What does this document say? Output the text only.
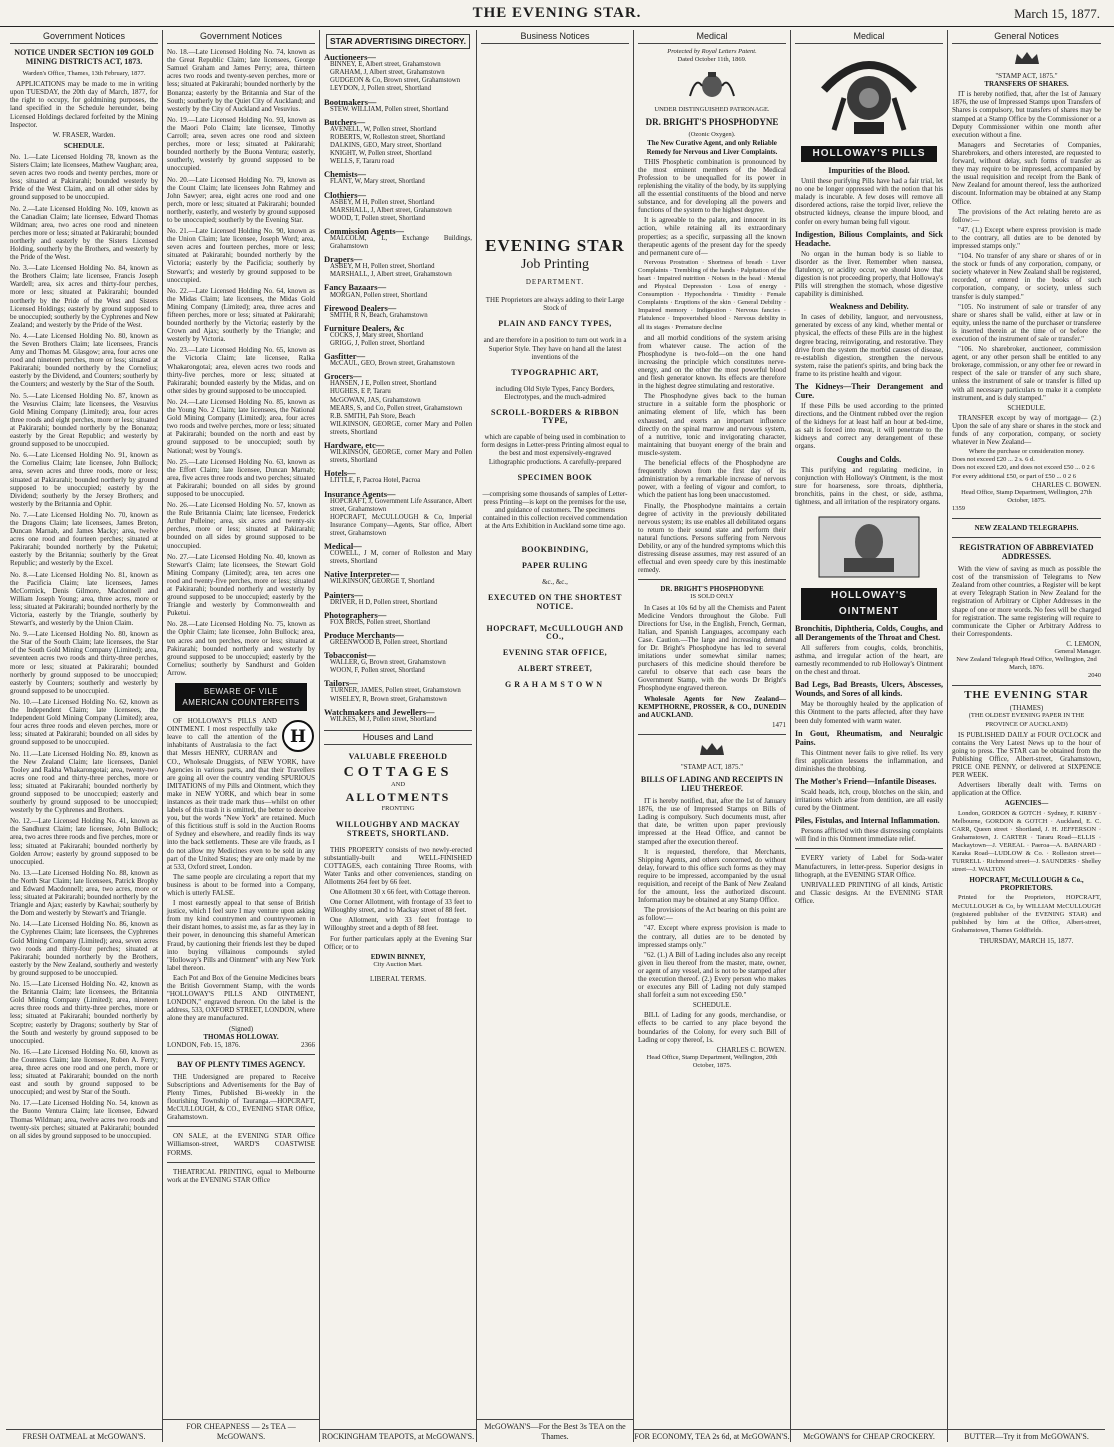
THE EVENING STAR.	March 15, 1877.
Government Notices
NOTICE UNDER SECTION 109 GOLD MINING DISTRICTS ACT, 1873.
Warden's Office, Thames, 13th February, 1877.
APPLICATIONS may be made to me in writing upon TUESDAY, the 20th day of March, 1877, for the right to occupy, for goldmining purposes, the land specified in the Schedule hereunder, being Licensed Holdings declared forfeited by the Mining Inspector.
W. FRASER, Warden.
SCHEDULE.
No. 1.—Late Licensed Holding 78, known as the Sisters Claim; late licensees, Mathew Vaughan; area, seven acres two roods and twenty perches, more or less; situated at Pakirarahi; bounded westerly by Pride of the West Claim, and on all other sides by ground supposed to be unoccupied.
No. 2.—Late Licensed Holding No. 109, known as the Canadian Claim; late licensee, Edward Thomas Wildman; area, two acres one rood and nineteen perches more or less; situated at Pakirarahi; bounded northerly and easterly by the Sisters Licensed Holding, southerly by the Brothers, and westerly by the Pride of the West.
No. 3.—Late Licensed Holding No. 84, known as the Brothers Claim; late licensee, Francis Joseph Wardell; area, six acres and thirty-four perches, more or less; situated at Pakirarahi; bounded northerly by the Pride of the West and Sisters Licensed Holdings; easterly by ground supposed to be unoccupied; southerly by the Cyphrenes and New Zealand; and westerly by the Pride of the West.
No. 4.—Late Licensed Holding No. 80, known as the Seven Brothers Claim; late licensees, Francis Amy and Thomas M. Glasgow; area, four acres one rood and nineteen perches, more or less; situated at Pakirarahi; bounded northerly by the Cornelius; easterly by the Dividend, and Counters; southerly by the Counters; and westerly by the Star of the South.
No. 5.—Late Licensed Holding No. 87, known as the Vesuvius Claim; late licensees, the Vesuvius Gold Mining Company (Limited); area, four acres three roods and eight perches, more or less; situated at Pakirarahi; bounded northerly by the Bonanza; easterly by the Great Republic; and westerly by ground supposed to be unoccupied.
No. 6.—Late Licensed Holding No. 91, known as the Cornelius Claim; late licensee, John Bullock; area, seven acres and three roods, more or less; situated at Pakirarahi; bounded northerly by ground supposed to be unoccupied; easterly by the Dividend; southerly by the Jersey Brothers; and westerly by the Britannia and Ophir.
No. 7.—Late Licensed Holding No. 70, known as the Dragons Claim; late licensees, James Breton, Duncan Marnab, and James Macky; area, twelve acres one rood and fourteen perches; situated at Pakirarahi; bounded northerly by the Puketui; easterly by the Britannia; southerly by the Great Republic; and westerly by the Excel.
No. 8.—Late Licensed Holding No. 81, known as the Pacificia Claim; late licensees, James McCormick, Denis Gilmore, Macdonnell and William Joseph Young; area, three acres, more or less; situated at Pakirarahi; bounded northerly by the Victoria, easterly by the Triangle, southerly by Stewart's, and westerly by the Union Claim.
No. 9.—Late Licensed Holding No. 80, known as the Star of the South Claim; late licensees, the Star of the South Gold Mining Company (Limited); area, seventeen acres two roods and thirty-three perches, more or less; situated at Pakirarahi; bounded northerly by ground supposed to be unoccupied; easterly by Counters; southerly and westerly by ground supposed to be unoccupied.
No. 10.—Late Licensed Holding No. 62, known as the Independent Claim; late licensees, the Independent Gold Mining Company (Limited); area, four acres three roods and eleven perches, more or less; situated at Pakirarahi; bounded on all sides by ground supposed to be unoccupied.
No. 11.—Late Licensed Holding No. 89, known as the New Zealand Claim; late licensees, Daniel Tooley and Rakha Whakarongotai; area, twenty-two acres one rood and thirty-three perches, more or less; situated at Pakirarahi; bounded northerly by ground supposed to be unoccupied; easterly and southerly by ground supposed to be unoccupied; westerly by the Cyphrenes and Brothers.
No. 12.—Late Licensed Holding No. 41, known as the Sandhurst Claim; late licensee, John Bullock; area, two acres three roods and five perches, more or less; situated at Pakirarahi; bounded northerly by Golden Arrow; easterly by ground supposed to be unoccupied.
No. 13.—Late Licensed Holding No. 88, known as the North Star Claim; late licensees, Patrick Brophy and Edward Macdonnell; area, two acres, more or less; situated at Pakirarahi; bounded northerly by the Triangle and Ajax; easterly by Kawhai; southerly by the Dom and westerly by Stewart's and Triangle.
No. 14.—Late Licensed Holding No. 86, known as the Cyphrenes Claim; late licensees, the Cyphrenes Gold Mining Company (Limited); area, seven acres two roods and thirty-four perches; situated at Pakirarahi; bounded northerly by the Brothers, easterly by the New Zealand, southerly and westerly by ground supposed to be unoccupied.
No. 15.—Late Licensed Holding No. 42, known as the Britannia Claim; late licensees, the Britannia Gold Mining Company (Limited); area, nineteen acres three roods and thirty-three perches, more or less; situated at Pakirarahi; bounded northerly by Sceptre; easterly by Dragons; southerly by Star of the South and westerly by ground supposed to be unoccupied.
No. 16.—Late Licensed Holding No. 60, known as the Countess Claim; late licensee, Ruben A. Ferry; area, three acres one rood and one perch, more or less; situated at Pakirarahi; bounded on the north east and south by ground supposed to be unoccupied; and west by Star of the South.
No. 17.—Late Licensed Holding No. 54, known as the Buono Ventura Claim; late licensee, Edward Thomas Wildman; area, twelve acres two roods and twenty-six perches; situated at Pakirarahi; bounded on all sides by ground supposed to be unoccupied.
FRESH OATMEAL at McGOWAN'S.
Government Notices
No. 18.—Late Licensed Holding No. 74, known as the Great Republic Claim; late licensees, George Samuel Graham and James Perry; area, thirteen acres two roods and twenty-seven perches, more or less; situated at Pakirarahi; bounded northerly by the Bonanza; easterly by the Britannia and Star of the South; southerly by the Quiet City of Auckland; and westerly by the City of Auckland and Vesuvius.
No. 19.—Late Licensed Holding No. 93, known as the Maori Polo Claim; late licensee, Timothy Carroll; area, seven acres one rood and sixteen perches, more or less; situated at Pakirarahi; bounded northerly by the Buona Ventura; easterly, southerly, westerly by ground supposed to be unoccupied.
No. 20.—Late Licensed Holding No. 79, known as the Count Claim; late licensees John Rahmey and John Sawyer; area, eight acres one rood and one perch, more or less; situated at Pakirarahi; bounded northerly, easterly, and westerly by ground supposed to be unoccupied; southerly by the Evening Star.
No. 21.—Late Licensed Holding No. 90, known as the Union Claim; late licensee, Joseph Word; area, seven acres and fourteen perches, more or less; situated at Pakirarahi; bounded northerly by the Victoria; easterly by the Pacificia; southerly by Stewart's; and westerly by ground supposed to be unoccupied.
No. 22.—Late Licensed Holding No. 64, known as the Midas Claim; late licensees, the Midas Gold Mining Company (Limited); area, three acres and fifteen perches, more or less; situated at Pakirarahi; bounded northerly by the Victoria; easterly by the Crown and Ajax; southerly by the Triangle; and westerly by Victoria.
No. 23.—Late Licensed Holding No. 65, known as the Victoria Claim; late licensee, Ralka Whakarongotai; area, eleven acres two roods and thirty-five perches, more or less; situated at Pakirarahi; bounded easterly by the Midas, and on other sides by ground supposed to be unoccupied.
No. 24.—Late Licensed Holding No. 85, known as the Young No. 2 Claim; late licensees, the National Gold Mining Company (Limited); area, four acres two roods and twelve perches, more or less; situated at Pakirarahi; bounded on the north and east by ground supposed to be unoccupied; south by National; west by Young's.
No. 25.—Late Licensed Holding No. 63, known as the Effort Claim; late licensee, Duncan Marnab; area, five acres three roods and two perches; situated at Pakirarahi; bounded on all sides by ground supposed to be unoccupied.
No. 26.—Late Licensed Holding No. 57, known as the Rule Britannia Claim; late licensee, Frederick Arthur Pulleine; area, six acres and twenty-six perches, more or less; situated at Pakirarahi; bounded on all sides by ground supposed to be unoccupied.
No. 27.—Late Licensed Holding No. 40, known as Stewart's Claim; late licensees, the Stewart Gold Mining Company (Limited); area, ten acres one rood and twenty-five perches, more or less; situated at Pakirarahi; bounded northerly and westerly by ground supposed to be unoccupied; easterly by the Triangle and westerly by Commonwealth and Puketui.
No. 28.—Late Licensed Holding No. 75, known as the Ophir Claim; late licensee, John Bullock; area, ten acres and ten perches, more or less; situated at Pakirarahi; bounded northerly and westerly by ground supposed to be unoccupied; easterly by the Cornelius; southerly by Sandhurst and Golden Arrow.
BEWARE OF VILE
AMERICAN COUNTERFEITS
H
OF HOLLOWAY'S PILLS AND OINTMENT. I most respectfully take leave to call the attention of the inhabitants of Australasia to the fact that Messrs HENRY, CURRAN and CO., Wholesale Druggists, of NEW YORK, have Agencies in various parts, and that their Travellers are going all over the country vending SPURIOUS IMITATIONS of my Pills and Ointment, which they make in NEW YORK, and which bear in some instances as their trade mark thus—whilst on other labels of this trash it is omitted, the better to deceive you, but the words "New York" are retained. Much of this fictitious stuff is sold in the Auction Rooms of Sydney and elsewhere, and readily finds its way into the back settlements. These are vile frauds, as I do not allow my Medicines even to be sold in any part of the United States; they are only made by me at 533, Oxford street, London.
The same people are circulating a report that my business is about to be formed into a Company, which is utterly FALSE.
I most earnestly appeal to that sense of British justice, which I feel sure I may venture upon asking from my kind countrymen and countrywomen in their distant homes, to assist me, as far as they lay in their power, in denouncing this shameful American Fraud, by cautioning their friends lest they be duped into buying villainous compounds styled "Holloway's Pills and Ointment" with any New York label thereon.
Each Pot and Box of the Genuine Medicines bears the British Government Stamp, with the words "HOLLOWAY'S PILLS AND OINTMENT, LONDON," engraved thereon. On the label is the address, 533, OXFORD STREET, LONDON, where alone they are manufactured.
(Signed)
THOMAS HOLLOWAY.
LONDON, Feb. 15, 1876.	2366
BAY OF PLENTY TIMES AGENCY.
THE Undersigned are prepared to Receive Subscriptions and Advertisements for the Bay of Plenty Times, Published Bi-weekly in the flourishing Township of Tauranga.—HOPCRAFT, McCULLOUGH, & CO., EVENING STAR Office, Grahamstown.
ON SALE, at the EVENING STAR Office Williamson-street, WARD'S COASTWISE FORMS.
THEATRICAL PRINTING, equal to Melbourne work at the EVENING STAR Office
FOR CHEAPNESS — 2s TEA — McGOWAN'S.
STAR ADVERTISING DIRECTORY.
Auctioneers—
BINNEY, E, Albert street, Grahamstown
GRAHAM, J, Albert street, Grahamstown
GUDGEON & Co, Brown street, Grahamstown
LEYDON, J, Pollen street, Shortland
Bootmakers—
STEW. WILLIAM, Pollen street, Shortland
Butchers—
AVENELL, W, Pollen street, Shortland
ROBERTS, W, Rolleston street, Shortland
DALKINS, GEO, Mary street, Shortland
KNIGHT, W, Pollen street, Shortland
WELLS, F, Tararu road
Chemists—
FLANT, W, Mary street, Shortland
Clothiers—
ASBEY, M H, Pollen street, Shortland
MARSHALL, J, Albert street, Grahamstown
WOOD, T, Pollen street, Shortland
Commission Agents—
MALCOLM, L, Exchange Buildings, Grahamstown
Drapers—
ASBEY, M H, Pollen street, Shortland
MARSHALL, J, Albert street, Grahamstown
Fancy Bazaars—
MORGAN, Pollen street, Shortland
Firewood Dealers—
SMITH, R N, Beach, Grahamstown
Furniture Dealers, &c
COCKS, J, Mary street, Shortland
GRIGG, J, Pollen street, Shortland
Gasfitter—
McCAUL, GEO, Brown street, Grahamstown
Grocers—
HANSEN, J E, Pollen street, Shortland
HUGHES, E P, Tararu
McGOWAN, JAS, Grahamstown
MEARS, S, and Co, Pollen street, Grahamstown
R.B. SMITH, Pah Store, Beach
WILKINSON, GEORGE, corner Mary and Pollen streets, Shortland
Hardware, etc—
WILKINSON, GEORGE, corner Mary and Pollen streets, Shortland
Hotels—
LITTLE, F, Pacroa Hotel, Pacroa
Insurance Agents—
HOPCRAFT, J, Government Life Assurance, Albert street, Grahamstown
HOPCRAFT, McCULLOUGH & Co, Imperial Insurance Company—Agents, Star office, Albert street, Grahamstown
Medical—
COWELL, J M, corner of Rolleston and Mary streets, Shortland
Native Interpreter—
WILKINSON, GEORGE T, Shortland
Painters—
DRIVER, H D, Pollen street, Shortland
Photographers—
FOX BROS, Pollen street, Shortland
Produce Merchants—
GREENWOOD B, Pollen street, Shortland
Tobacconist—
WALLER, G, Brown street, Grahamstown
WOON, F, Pollen street, Shortland
Tailors—
TURNER, JAMES, Pollen street, Grahamstown
WISELEY, R, Brown street, Grahamstown
Watchmakers and Jewellers—
WILKES, M J, Pollen street, Shortland
Houses and Land
VALUABLE FREEHOLD
COTTAGES
AND
ALLOTMENTS
FRONTING
WILLOUGHBY AND MACKAY STREETS, SHORTLAND.
THIS PROPERTY consists of two newly-erected substantially-built and WELL-FINISHED COTTAGES, each containing Three Rooms, with Water Tanks and other conveniences, standing on Allotments 264 feet by 66 feet.
One Allotment 30 x 66 feet, with Cottage thereon.
One Corner Allotment, with frontage of 33 feet to Willoughby street, and to Mackay street of 88 feet.
One Allotment, with 33 feet frontage to Willoughby street and a depth of 88 feet.
For further particulars apply at the Evening Star Office; or to
EDWIN BINNEY,
City Auction Mart.
LIBERAL TERMS.
ROCKINGHAM TEAPOTS, at McGOWAN'S.
Business Notices
EVENING STAR
Job Printing
DEPARTMENT.
THE Proprietors are always adding to their Large Stock of
PLAIN AND FANCY TYPES,
and are therefore in a position to turn out work in a Superior Style. They have on hand all the latest inventions of the
TYPOGRAPHIC ART,
including Old Style Types, Fancy Borders, Electrotypes, and the much-admired
SCROLL-BORDERS & RIBBON TYPE,
which are capable of being used in combination to form designs in Letter-press Printing almost equal to the best and most expensively-engraved Lithographic productions. A carefully-prepared
SPECIMEN BOOK
—comprising some thousands of samples of Letter-press Printing—is kept on the premises for the use, and guidance of customers. The specimens contained in this collection received commendation at the Arts Exhibition in Auckland some time ago.
BOOKBINDING,
PAPER RULING
&c., &c.,
EXECUTED ON THE SHORTEST NOTICE.
HOPCRAFT, McCULLOUGH AND CO.,
EVENING STAR OFFICE,
ALBERT STREET,
GRAHAMSTOWN
McGOWAN'S—For the Best 3s TEA on the Thames.
Medical
Protected by Royal Letters Patent.
Dated October 11th, 1869.
UNDER DISTINGUISHED PATRONAGE.
DR. BRIGHT'S PHOSPHODYNE
(Ozonic Oxygen).
The New Curative Agent, and only Reliable Remedy for Nervous and Liver Complaints.
THIS Phosphetic combination is pronounced by the most eminent members of the Medical Profession to be unequalled for its power in replenishing the vitality of the body, by its supplying all the essential constituents of the blood and nerve substance, and for developing all the powers and functions of the system to the highest degree.
It is agreeable to the palate, and innocent in its action, while retaining all its extraordinary properties; as a specific, surpassing all the known therapeutic agents of the present day for the speedy and permanent cure of—
Nervous Prostration · Shortness of breath · Liver Complaints · Trembling of the hands · Palpitation of the heart · Impaired nutrition · Noises in the head · Mental and Physical Depression · Loss of energy · Consumption · Hypochondria · Timidity · Female Complaints · Eruptions of the skin · General Debility · Impaired memory · Indigestion · Nervous fancies · Flatulence · Impoverished blood · Nervous debility in all its stages · Premature decline
and all morbid conditions of the system arising from whatever cause. The action of the Phosphodyne is two-fold—on the one hand increasing the principle which constitutes nerve-energy, and on the other the most powerful blood and flesh generator known. Its effects are therefore in the highest degree stimulating and restorative.
The Phosphodyne gives back to the human structure in a suitable form the phosphoric or animating element of life, which has been exhausted, and exerts an important influence directly on the spinal marrow and nervous system, of a nutritive, tonic and invigorating character, maintaining that buoyant energy of the brain and muscle-system.
The beneficial effects of the Phosphodyne are frequently shown from the first day of its administration by a remarkable increase of nervous power, with a feeling of vigour and comfort, to which the patient has long been unaccustomed.
Finally, the Phosphodyne maintains a certain degree of activity in the previously debilitated nervous system; its use enables all debilitated organs to return to their sound state and perform their natural functions. Persons suffering from Nervous Debility, or any of the hundred symptoms which this distressing disease assumes, may rest assured of an effectual and even speedy cure by this inestimable remedy.
DR. BRIGHT'S PHOSPHODYNE
IS SOLD ONLY
In Cases at 10s 6d by all the Chemists and Patent Medicine Vendors throughout the Globe. Full Directions for Use, in the English, French, German, Italian, and Spanish Languages, accompany each Case. Caution.—The large and increasing demand for Dr. Bright's Phosphodyne has led to several imitations under somewhat similar names; purchasers of this medicine should therefore be careful to observe that each case bears the Government Stamp, with the words Dr Bright's Phosphodyne engraved thereon.
Wholesale Agents for New Zealand—KEMPTHORNE, PROSSER, & CO., DUNEDIN and AUCKLAND.
1471
"STAMP ACT, 1875."
BILLS OF LADING AND RECEIPTS IN LIEU THEREOF.
IT is hereby notified, that, after the 1st of January 1876, the use of Impressed Stamps on Bills of Lading is compulsory. Such documents must, after that date, be written upon paper previously impressed at the Head Office, and cannot be stamped after the execution thereof.
It is requested, therefore, that Merchants, Shipping Agents, and others concerned, do without delay, forward to this office such forms as they may require to be impressed, accompanied by the usual requisition, and receipt of the Bank of New Zealand for the amount, less the authorized discount. Information may be obtained at any Stamp Office.
The provisions of the Act bearing on this point are as follow:—
"47. Except where express provision is made to the contrary, all duties are to be denoted by impressed stamps only."
"62. (1.) A Bill of Lading includes also any receipt given in lieu thereof from the master, mate, owner, or agent of any vessel, and is not to be stamped after the execution thereof. (2.) Every person who makes or executes any Bill of Lading not duly stamped shall forfeit a sum not exceeding £50."
SCHEDULE.
BILL of Lading for any goods, merchandise, or effects to be carried to any place beyond the boundaries of the Colony, for every such Bill of Lading or copy thereof, 1s.
CHARLES C. BOWEN.
Head Office, Stamp Department, Wellington, 20th October, 1875.
FOR ECONOMY, TEA 2s 6d, at McGOWAN'S.
Medical
HOLLOWAY'S PILLS
Impurities of the Blood.
Until these purifying Pills have had a fair trial, let no one be longer oppressed with the notion that his malady is incurable. A few doses will remove all disordered actions, raise the torpid liver, relieve the obstructed kidneys, cleanse the impure blood, and confer on every human being full vigour.
Indigestion, Bilious Complaints, and Sick Headache.
No organ in the human body is so liable to disorder as the liver. Remember when nausea, flatulency, or acidity occur, we should know that digestion is not proceeding properly, that Holloway's Pills will strengthen the stomach, whose digestive capability is diminished.
Weakness and Debility.
In cases of debility, languor, and nervousness, generated by excess of any kind, whether mental or physical, the effects of these Pills are in the highest degree bracing, reinvigorating, and restorative. They drive from the system the morbid causes of disease, re-establish digestion, strengthen the nervous system, raise the patient's spirits, and bring back the frame to its pristine health and vigour.
The Kidneys—Their Derangement and Cure.
If these Pills be used according to the printed directions, and the Ointment rubbed over the region of the kidneys for at least half an hour at bed-time, as salt is forced into meat, it will penetrate to the kidneys and correct any derangement of these organs.
Coughs and Colds.
This purifying and regulating medicine, in conjunction with Holloway's Ointment, is the most sure for hoarseness, sore throats, diphtheria, bronchitis, pains in the chest, or side, asthma, tightness, and all irritation of the respiratory organs.
HOLLOWAY'S OINTMENT
Bronchitis, Diphtheria, Colds, Coughs, and all Derangements of the Throat and Chest.
All sufferers from coughs, colds, bronchitis, asthma, and irregular action of the heart, are earnestly recommended to rub Holloway's Ointment on the chest and throat.
Bad Legs, Bad Breasts, Ulcers, Abscesses, Wounds, and Sores of all kinds.
May be thoroughly healed by the application of this Ointment to the parts affected, after they have been duly fomented with warm water.
In Gout, Rheumatism, and Neuralgic Pains.
This Ointment never fails to give relief. Its very first application lessens the inflammation, and diminishes the throbbing.
The Mother's Friend—Infantile Diseases.
Scald heads, itch, croup, blotches on the skin, and irritations which arise from dentition, are all easily cured by the Ointment.
Piles, Fistulas, and Internal Inflammation.
Persons afflicted with these distressing complaints will find in this Ointment immediate relief.
EVERY variety of Label for Soda-water Manufacturers, in letter-press. Superior designs in lithograph, at the EVENING STAR Office.
UNRIVALLED PRINTING of all kinds, Artistic and Classic designs. At the EVENING STAR Office.
McGOWAN'S for CHEAP CROCKERY.
General Notices
"STAMP ACT, 1875."
TRANSFERS OF SHARES.
IT is hereby notified, that, after the 1st of January 1876, the use of Impressed Stamps upon Transfers of Shares is compulsory, but transfers of shares may be stamped at a Stamp Office by the Commissioner or a Deputy Commissioner within one month after execution without a fine.
Managers and Secretaries of Companies, Sharebrokers, and others interested, are requested to forward, without delay, such forms of transfer as they may require to be impressed, accompanied by the usual requisition and receipt from the Bank of New Zealand for amount thereof, less the authorized discount. Information may be obtained at any Stamp Office.
The provisions of the Act relating hereto are as follow:—
"47. (1.) Except where express provision is made to the contrary, all duties are to be denoted by impressed stamps only."
"104. No transfer of any share or shares of or in the stock or funds of any corporation, company, or society whatever in New Zealand shall be registered, recorded, or entered in the books of such corporation, company, or society, unless such transfer is duly stamped."
"105. No instrument of sale or transfer of any share or shares shall be valid, either at law or in equity, unless the name of the purchaser or transferee is inserted therein at the time of or before the execution of the instrument of sale or transfer."
"106. No sharebroker, auctioneer, commission agent, or any other person shall be entitled to any brokerage, commission, or any other fee or reward in respect of the sale or transfer of any such share, unless the instrument of sale or transfer is filled up with all necessary particulars to make it a complete instrument, and is duly stamped."
SCHEDULE.
TRANSFER except by way of mortgage— (2.) Upon the sale of any share or shares in the stock and funds of any corporation, company, or society whatever in New Zealand—
Where the purchase or consideration money.
Does not exceed £20 ... 2 s. 6 d.
Does not exceed £20, and does not exceed £50 ... 0 2 6
For every additional £50, or part of £50 ... 0 2 6
CHARLES C. BOWEN.
Head Office, Stamp Department, Wellington, 27th October, 1875.
1359
NEW ZEALAND TELEGRAPHS.
REGISTRATION OF ABBREVIATED ADDRESSES.
With the view of saving as much as possible the cost of the transmission of Telegrams to New Zealand from other countries, a Register will be kept at every Telegraph Station in New Zealand for the registration of Arbitrary or Cipher Addresses in the shape of one or more words. No fees will be charged for registration. The same registering will require to communicate the Cipher or Arbitrary Address to their Correspondents.
C. LEMON,
General Manager.
New Zealand Telegraph Head Office, Wellington, 2nd March, 1876.
2040
THE EVENING STAR
(THAMES)
(THE OLDEST EVENING PAPER IN THE PROVINCE OF AUCKLAND)
IS PUBLISHED DAILY at FOUR O'CLOCK and contains the Very Latest News up to the hour of going to press. The STAR can be obtained from the Publishing Office, Albert-street, Grahamstown, PRICE ONE PENNY, or delivered at SIXPENCE PER WEEK.
Advertisers liberally dealt with. Terms on application at the Office.
AGENCIES—
London, GORDON & GOTCH · Sydney, F. KIRBY · Melbourne, GORDON & GOTCH · Auckland, E. C. CARR, Queen street · Shortland, J. H. JEFFERSON · Grahamstown, J. CARTER · Tararu Road—ELLIS · Mackaytown—J. VEREAL · Paeroa—A. BARNARD · Karaka Road—LUDLOW & Co. · Rolleston street—TURRELL · Richmond street—J. SAUNDERS · Shelley street—J. WALTON
HOPCRAFT, McCULLOUGH & Co., PROPRIETORS.
Printed for the Proprietors, HOPCRAFT, McCULLOUGH & Co, by WILLIAM McCULLOUGH (registered publisher of the EVENING STAR) and published by him at the Office, Albert-street, Grahamstown, Thames Goldfields.
THURSDAY, MARCH 15, 1877.
BUTTER—Try it from McGOWAN'S.
